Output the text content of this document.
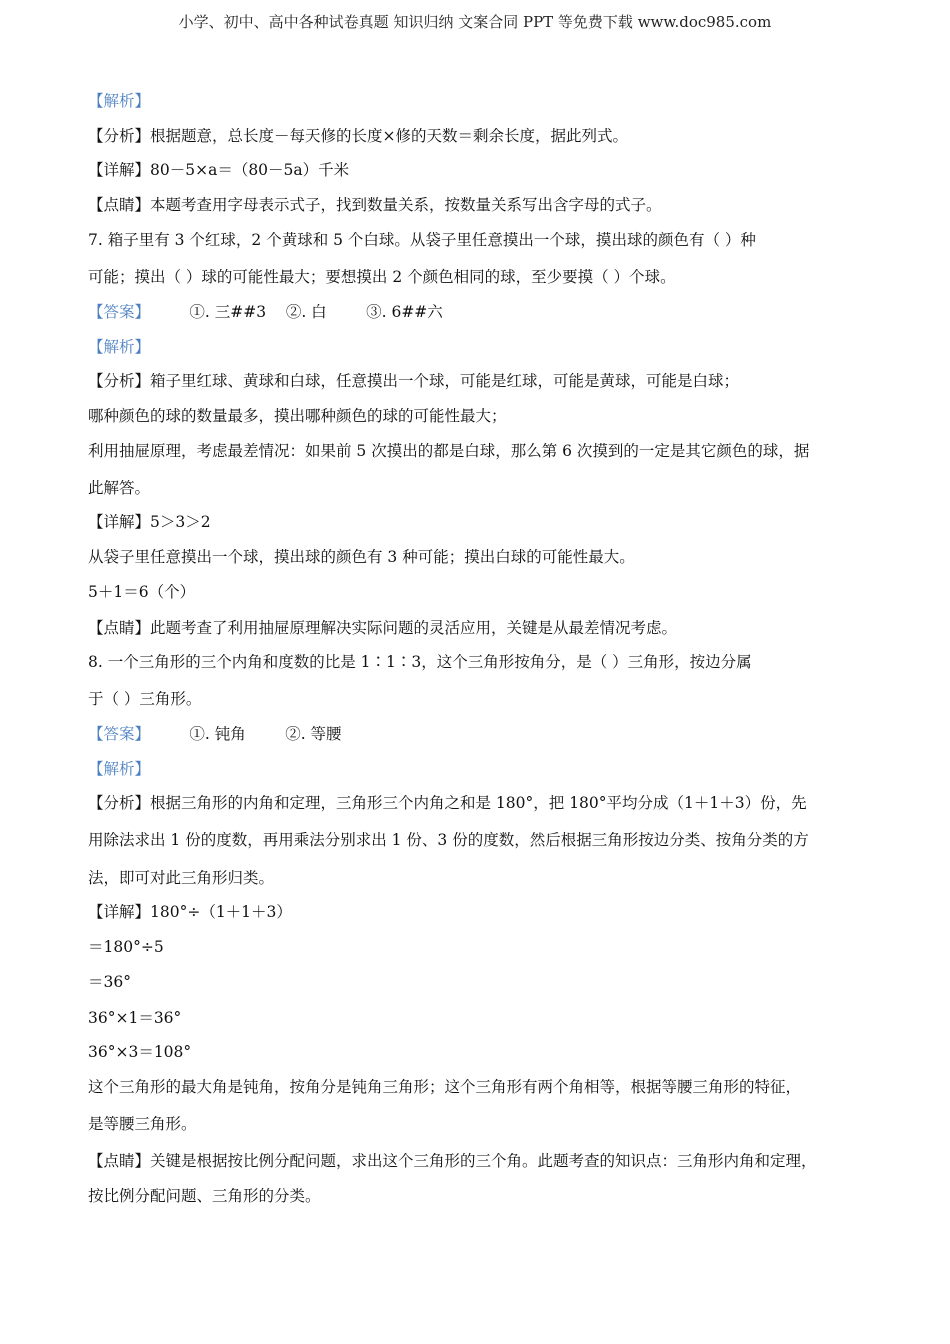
小学、初中、高中各种试卷真题 知识归纳 文案合同 PPT 等免费下载 www.doc985.com
【解析】
【分析】根据题意，总长度－每天修的长度×修的天数＝剩余长度，据此列式。
【详解】80－5×a＝（80－5a）千米
【点睛】本题考查用字母表示式子，找到数量关系，按数量关系写出含字母的式子。
7. 箱子里有 3 个红球，2 个黄球和 5 个白球。从袋子里任意摸出一个球，摸出球的颜色有（ ）种
可能；摸出（ ）球的可能性最大；要想摸出 2 个颜色相同的球，至少要摸（ ）个球。
【答案】        ①. 三##3    ②. 白        ③. 6##六
【解析】
【分析】箱子里红球、黄球和白球，任意摸出一个球，可能是红球，可能是黄球，可能是白球；
哪种颜色的球的数量最多，摸出哪种颜色的球的可能性最大；
利用抽屉原理，考虑最差情况：如果前 5 次摸出的都是白球，那么第 6 次摸到的一定是其它颜色的球，据
此解答。
【详解】5＞3＞2
从袋子里任意摸出一个球，摸出球的颜色有 3 种可能；摸出白球的可能性最大。
5＋1＝6（个）
【点睛】此题考查了利用抽屉原理解决实际问题的灵活应用，关键是从最差情况考虑。
8. 一个三角形的三个内角和度数的比是 1∶1∶3，这个三角形按角分，是（ ）三角形，按边分属
于（ ）三角形。
【答案】        ①. 钝角        ②. 等腰
【解析】
【分析】根据三角形的内角和定理，三角形三个内角之和是 180°，把 180°平均分成（1＋1＋3）份，先
用除法求出 1 份的度数，再用乘法分别求出 1 份、3 份的度数，然后根据三角形按边分类、按角分类的方
法，即可对此三角形归类。
【详解】180°÷（1＋1＋3）
＝180°÷5
＝36°
36°×1＝36°
36°×3＝108°
这个三角形的最大角是钝角，按角分是钝角三角形；这个三角形有两个角相等，根据等腰三角形的特征，
是等腰三角形。
【点睛】关键是根据按比例分配问题，求出这个三角形的三个角。此题考查的知识点：三角形内角和定理，
按比例分配问题、三角形的分类。
